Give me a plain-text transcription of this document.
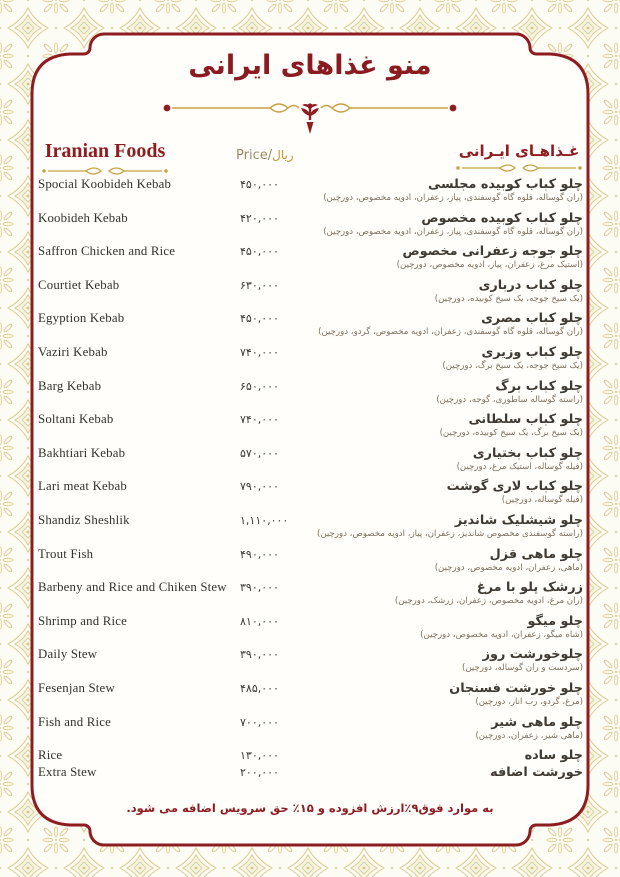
منو غذاهای ایرانی
Iranian Foods	Price/ریال	غـذاهـای ایـرانی
Spocial Koobideh Kebab	۴۵۰,۰۰۰	چلو کباب کوبیده مجلسی
(ران گوساله، قلوه گاه گوسفندی، پیاز، زعفران، ادویه مخصوص، دورچین)
Koobideh Kebab	۴۲۰,۰۰۰	چلو کباب کوبیده مخصوص
(ران گوساله، قلوه گاه گوسفندی، پیاز، زعفران، ادویه مخصوص، دورچین)
Saffron Chicken and Rice	۴۵۰,۰۰۰	چلو جوجه زعفرانی مخصوص
(استیک مرغ، زعفران، پیاز، ادویه مخصوص، دورچین)
Courtiet Kebab	۶۳۰,۰۰۰	چلو کباب درباری
(یک سیخ جوجه، یک سیخ کوبیده، دورچین)
Egyption Kebab	۴۵۰,۰۰۰	چلو کباب مصری
(ران گوساله، قلوه گاه گوسفندی، زعفران، ادویه مخصوص، گردو، دورچین)
Vaziri Kebab	۷۴۰,۰۰۰	چلو کباب وزیری
(یک سیخ جوجه، یک سیخ برگ، دورچین)
Barg Kebab	۶۵۰,۰۰۰	چلو کباب برگ
(راسته گوساله ساطوری، گوجه، دورچین)
Soltani Kebab	۷۴۰,۰۰۰	چلو کباب سلطانی
(یک سیخ برگ، یک سیخ کوبیده، دورچین)
Bakhtiari Kebab	۵۷۰,۰۰۰	چلو کباب بختیاری
(فیله گوساله، استیک مرغ، دورچین)
Lari meat Kebab	۷۹۰,۰۰۰	چلو کباب لاری گوشت
(فیله گوساله، دورچین)
Shandiz Sheshlik	۱,۱۱۰,۰۰۰	چلو شیشلیک شاندیز
(راسته گوسفندی مخصوص شاندیز، زعفران، پیاز، ادویه مخصوص، دورچین)
Trout Fish	۴۹۰,۰۰۰	چلو ماهی قزل
(ماهی، زعفران، ادویه مخصوص، دورچین)
Barbeny and Rice and Chiken Stew ۳۹۰,۰۰۰	زرشک پلو با مرغ
(ران مرغ، ادویه مخصوص، زعفران، زرشک، دورچین)
Shrimp and Rice	۸۱۰,۰۰۰	چلو میگو
(شاه میگو، زعفران، ادویه مخصوص، دورچین)
Daily Stew	۳۹۰,۰۰۰	چلوخورشت روز
(سردست و ران گوساله، دورچین)
Fesenjan Stew	۴۸۵,۰۰۰	چلو خورشت فسنجان
(مرغ، گردو، رب انار، دورچین)
Fish and Rice	۷۰۰,۰۰۰	چلو ماهی شیر
(ماهی شیر، زعفران، دورچین)
Rice	۱۳۰,۰۰۰	چلو ساده
Extra Stew	۲۰۰,۰۰۰	خورشت اضافه
به موارد فوق۹٪ارزش افزوده و ۱۵٪ حق سرویس اضافه می شود.
